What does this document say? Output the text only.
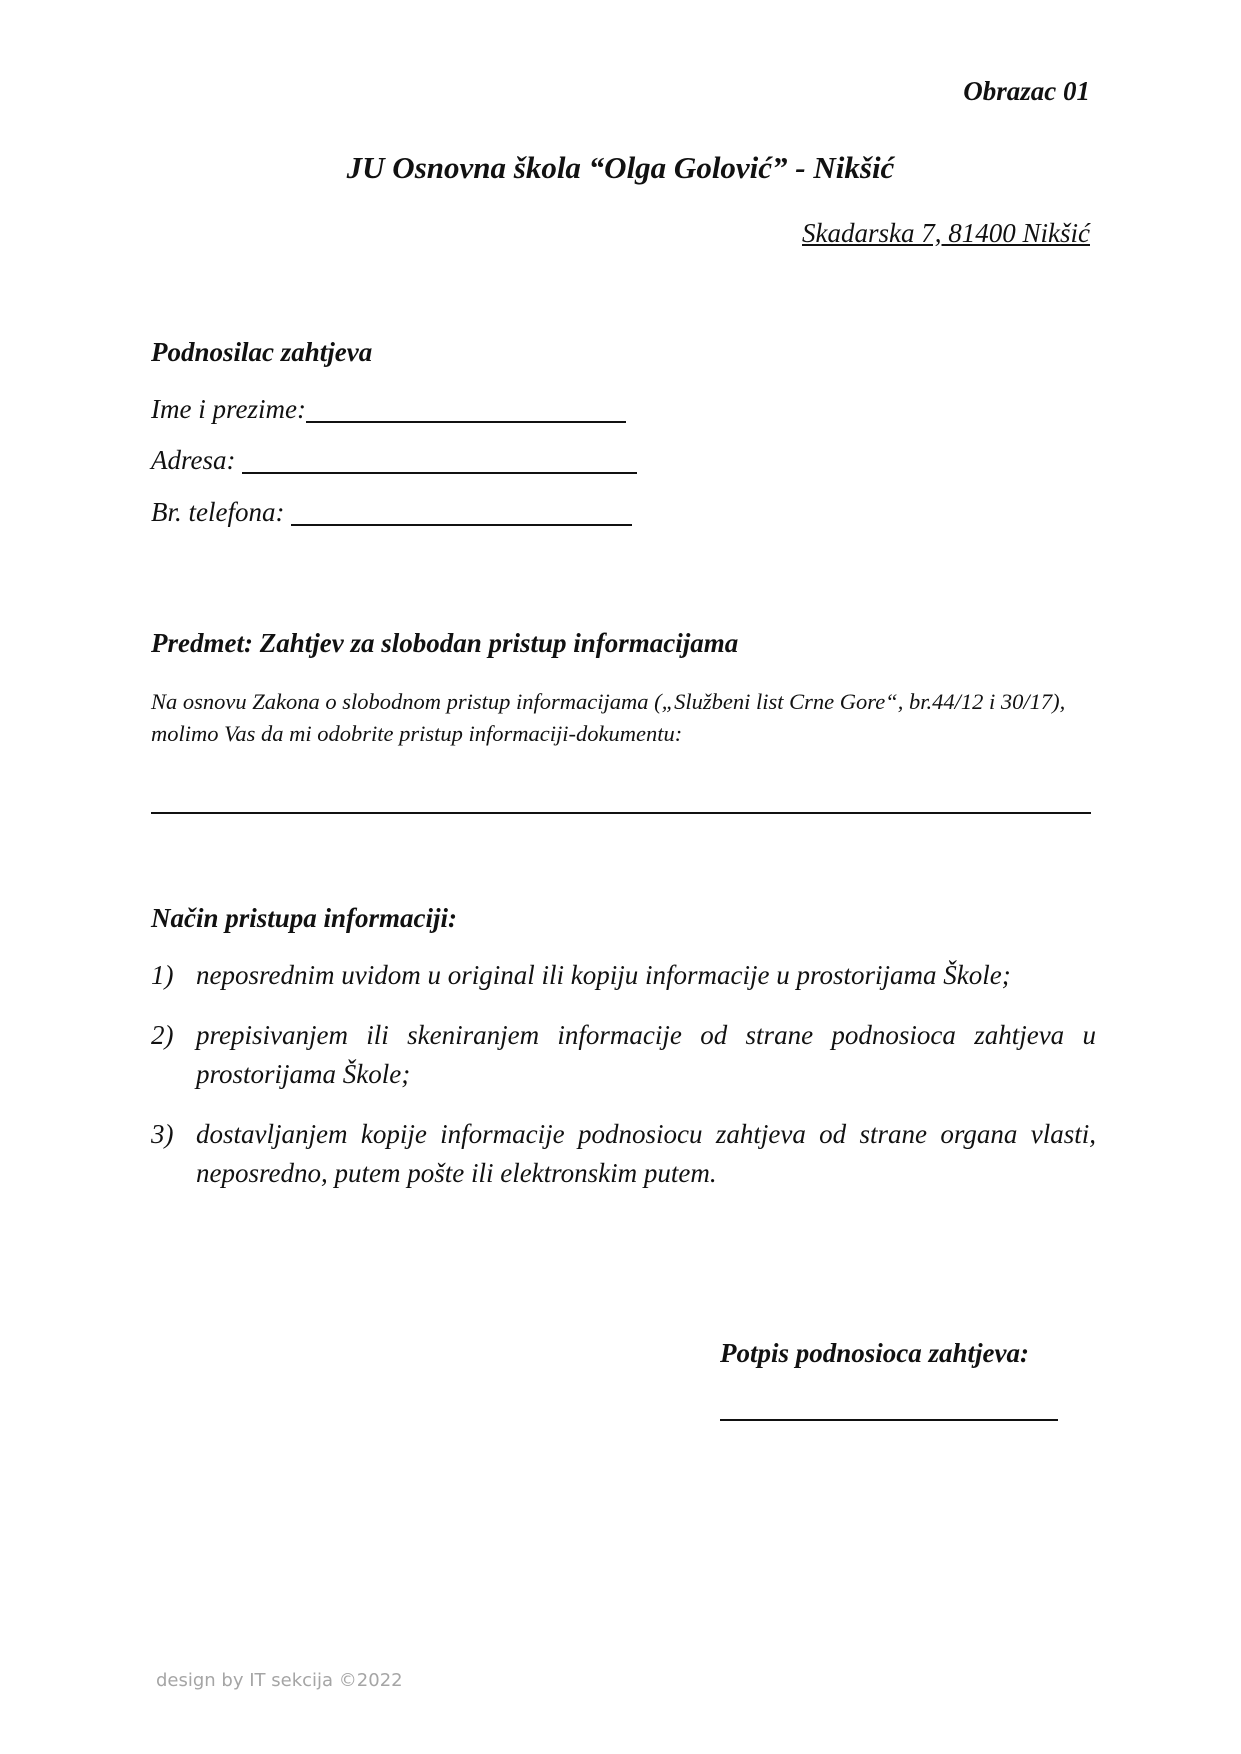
Obrazac 01
JU Osnovna škola “Olga Golović” - Nikšić
Skadarska 7, 81400 Nikšić
Podnosilac zahtjeva
Ime i prezime:
Adresa:
Br. telefona:
Predmet: Zahtjev za slobodan pristup informacijama
Na osnovu Zakona o slobodnom pristup informacijama („Službeni list Crne Gore“, br.44/12 i 30/17), molimo Vas da mi odobrite pristup informaciji-dokumentu:
Način pristupa informaciji:
1) neposrednim uvidom u original ili kopiju informacije u prostorijama Škole;
2) prepisivanjem ili skeniranjem informacije od strane podnosioca zahtjeva u prostorijama Škole;
3) dostavljanjem kopije informacije podnosiocu zahtjeva od strane organa vlasti, neposredno, putem pošte ili elektronskim putem.
Potpis podnosioca zahtjeva:
design by IT sekcija ©2022
